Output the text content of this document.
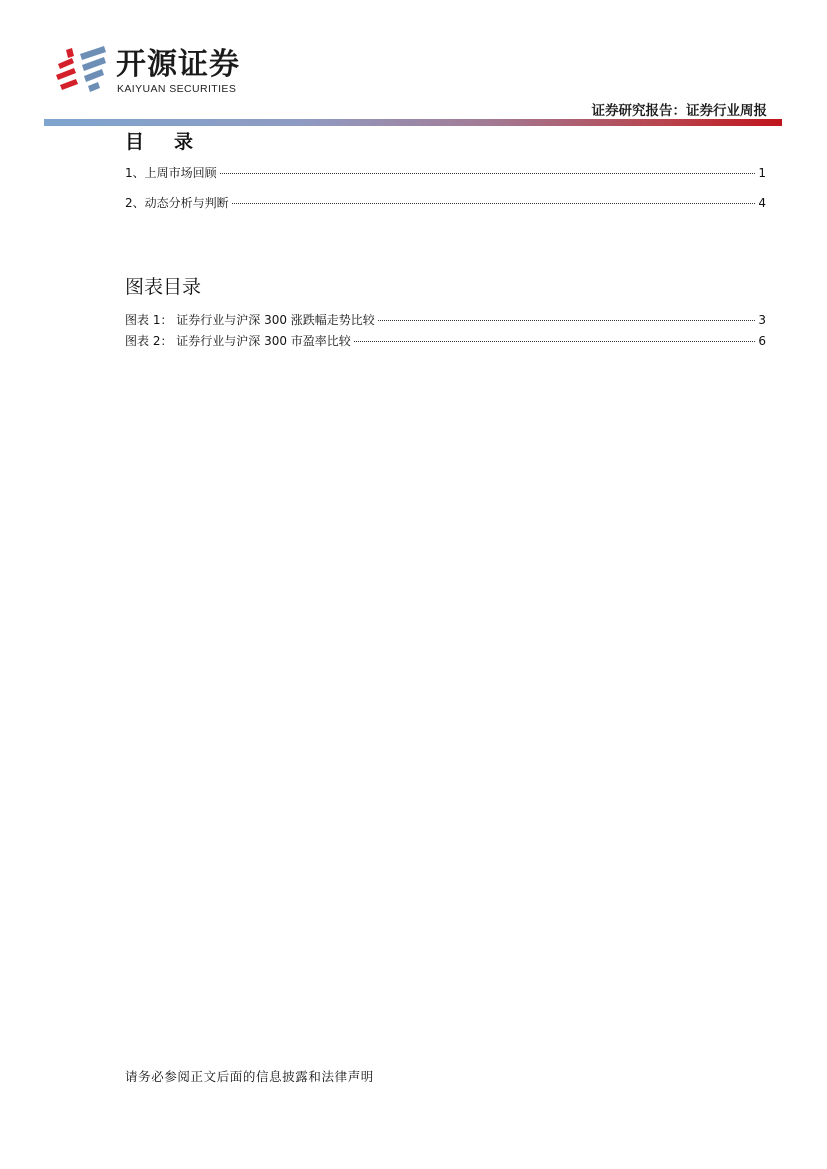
开源证券
KAIYUAN SECURITIES
证券研究报告：证券行业周报
目 录
1、上周市场回顾	1
2、动态分析与判断	4
图表目录
图表 1： 证券行业与沪深 300 涨跌幅走势比较	3
图表 2： 证券行业与沪深 300 市盈率比较	6
请务必参阅正文后面的信息披露和法律声明
